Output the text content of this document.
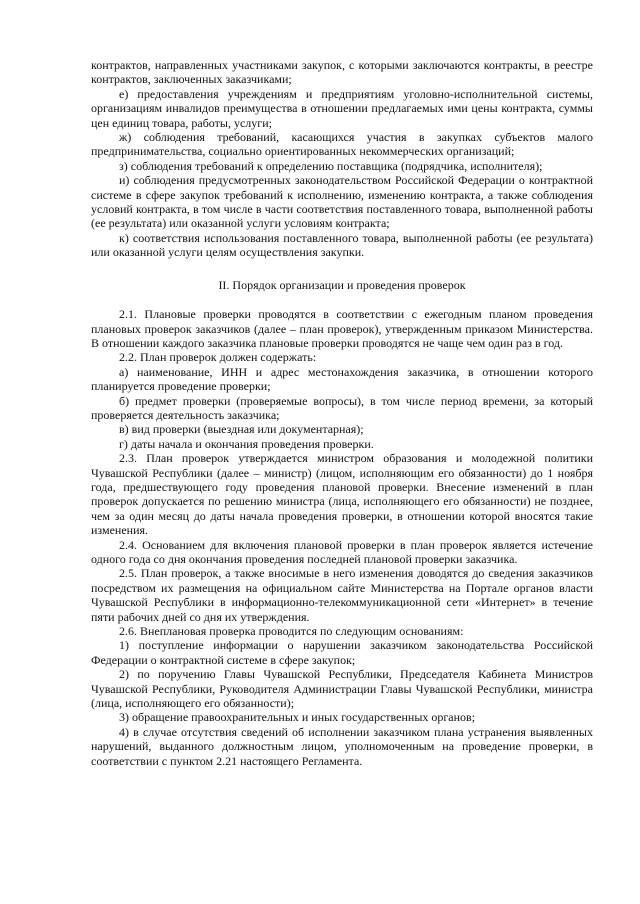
контрактов, направленных участниками закупок, с которыми заключаются контракты, в реестре контрактов, заключенных заказчиками;

е) предоставления учреждениям и предприятиям уголовно-исполнительной системы, организациям инвалидов преимущества в отношении предлагаемых ими цены контракта, суммы цен единиц товара, работы, услуги;

ж) соблюдения требований, касающихся участия в закупках субъектов малого предпринимательства, социально ориентированных некоммерческих организаций;

з) соблюдения требований к определению поставщика (подрядчика, исполнителя);

и) соблюдения предусмотренных законодательством Российской Федерации о контрактной системе в сфере закупок требований к исполнению, изменению контракта, а также соблюдения условий контракта, в том числе в части соответствия поставленного товара, выполненной работы (ее результата) или оказанной услуги условиям контракта;

к) соответствия использования поставленного товара, выполненной работы (ее результата) или оказанной услуги целям осуществления закупки.

II. Порядок организации и проведения проверок

2.1. Плановые проверки проводятся в соответствии с ежегодным планом проведения плановых проверок заказчиков (далее – план проверок), утвержденным приказом Министерства. В отношении каждого заказчика плановые проверки проводятся не чаще чем один раз в год.

2.2. План проверок должен содержать:

а) наименование, ИНН и адрес местонахождения заказчика, в отношении которого планируется проведение проверки;

б) предмет проверки (проверяемые вопросы), в том числе период времени, за который проверяется деятельность заказчика;

в) вид проверки (выездная или документарная);

г) даты начала и окончания проведения проверки.

2.3. План проверок утверждается министром образования и молодежной политики Чувашской Республики (далее – министр) (лицом, исполняющим его обязанности) до 1 ноября года, предшествующего году проведения плановой проверки. Внесение изменений в план проверок допускается по решению министра (лица, исполняющего его обязанности) не позднее, чем за один месяц до даты начала проведения проверки, в отношении которой вносятся такие изменения.

2.4. Основанием для включения плановой проверки в план проверок является истечение одного года со дня окончания проведения последней плановой проверки заказчика.

2.5. План проверок, а также вносимые в него изменения доводятся до сведения заказчиков посредством их размещения на официальном сайте Министерства на Портале органов власти Чувашской Республики в информационно-телекоммуникационной сети «Интернет» в течение пяти рабочих дней со дня их утверждения.

2.6. Внеплановая проверка проводится по следующим основаниям:

1) поступление информации о нарушении заказчиком законодательства Российской Федерации о контрактной системе в сфере закупок;

2) по поручению Главы Чувашской Республики, Председателя Кабинета Министров Чувашской Республики, Руководителя Администрации Главы Чувашской Республики, министра (лица, исполняющего его обязанности);

3) обращение правоохранительных и иных государственных органов;

4) в случае отсутствия сведений об исполнении заказчиком плана устранения выявленных нарушений, выданного должностным лицом, уполномоченным на проведение проверки, в соответствии с пунктом 2.21 настоящего Регламента.
